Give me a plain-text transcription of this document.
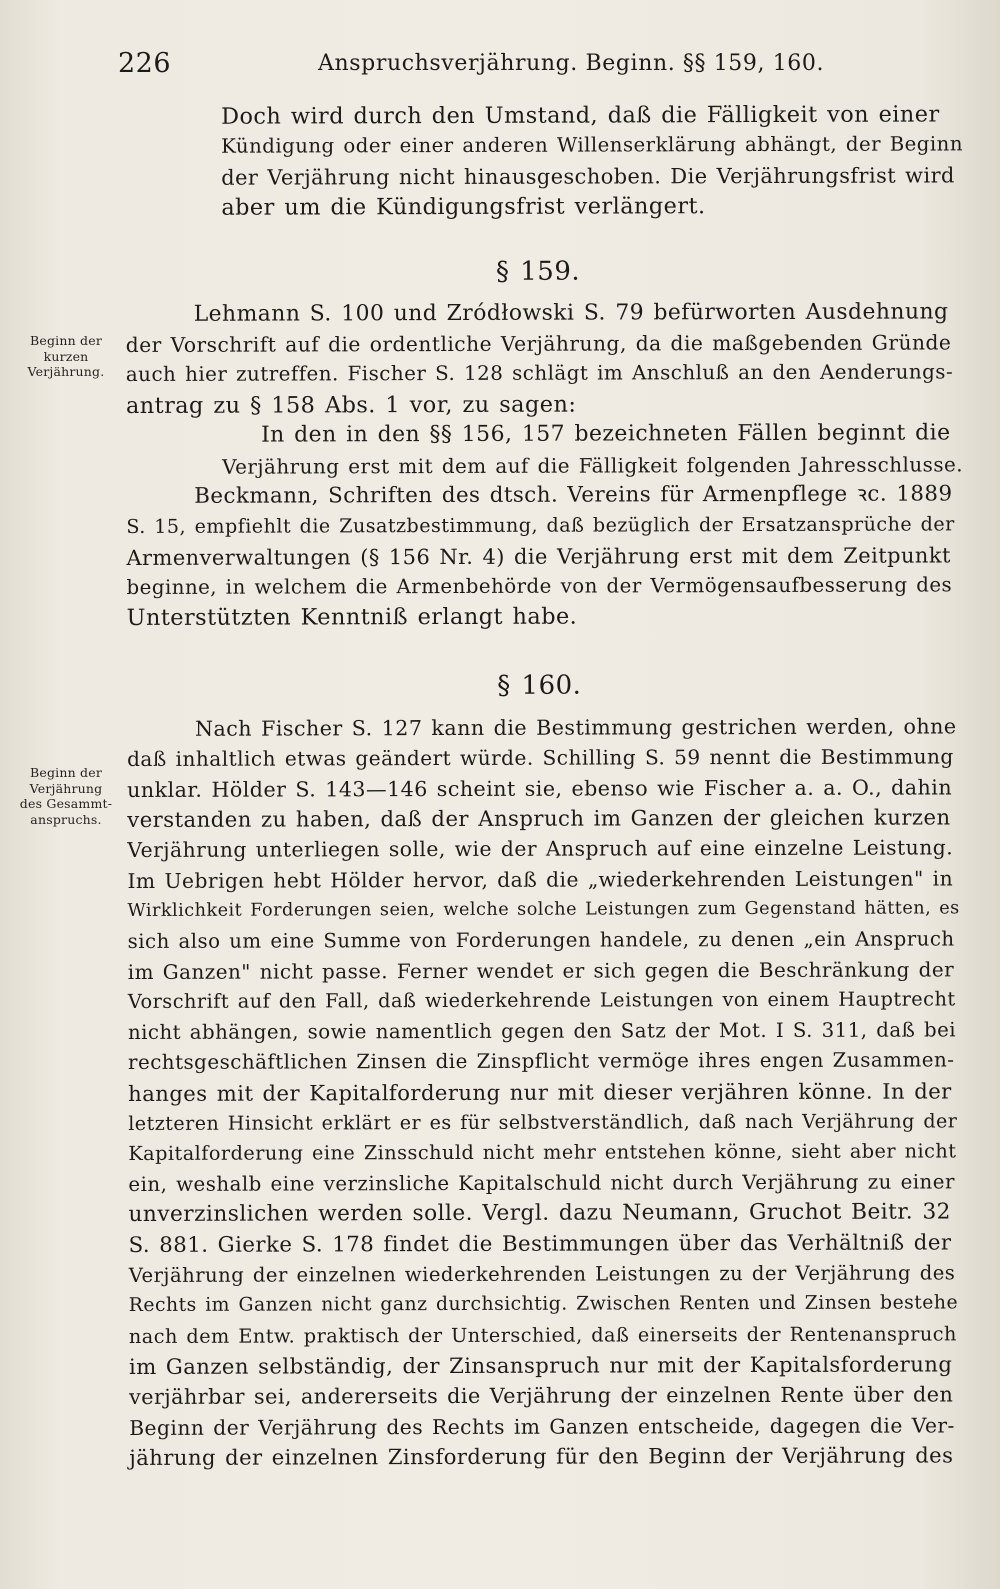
226	Anspruchsverjährung. Beginn. §§ 159, 160.
Beginn der
kurzen
Verjährung.
Beginn der
Verjährung
des Gesammt-
anspruchs.
Doch wird durch den Umstand, daß die Fälligkeit von einer
Kündigung oder einer anderen Willenserklärung abhängt, der Beginn
der Verjährung nicht hinausgeschoben. Die Verjährungsfrist wird
aber um die Kündigungsfrist verlängert.
§ 159.
Lehmann S. 100 und Zródłowski S. 79 befürworten Ausdehnung
der Vorschrift auf die ordentliche Verjährung, da die maßgebenden Gründe
auch hier zutreffen. Fischer S. 128 schlägt im Anschluß an den Aenderungs-
antrag zu § 158 Abs. 1 vor, zu sagen:
In den in den §§ 156, 157 bezeichneten Fällen beginnt die
Verjährung erst mit dem auf die Fälligkeit folgenden Jahresschlusse.
Beckmann, Schriften des dtsch. Vereins für Armenpflege ꝛc. 1889
S. 15, empfiehlt die Zusatzbestimmung, daß bezüglich der Ersatzansprüche der
Armenverwaltungen (§ 156 Nr. 4) die Verjährung erst mit dem Zeitpunkt
beginne, in welchem die Armenbehörde von der Vermögensaufbesserung des
Unterstützten Kenntniß erlangt habe.
§ 160.
Nach Fischer S. 127 kann die Bestimmung gestrichen werden, ohne
daß inhaltlich etwas geändert würde. Schilling S. 59 nennt die Bestimmung
unklar. Hölder S. 143—146 scheint sie, ebenso wie Fischer a. a. O., dahin
verstanden zu haben, daß der Anspruch im Ganzen der gleichen kurzen
Verjährung unterliegen solle, wie der Anspruch auf eine einzelne Leistung.
Im Uebrigen hebt Hölder hervor, daß die „wiederkehrenden Leistungen" in
Wirklichkeit Forderungen seien, welche solche Leistungen zum Gegenstand hätten, es
sich also um eine Summe von Forderungen handele, zu denen „ein Anspruch
im Ganzen" nicht passe. Ferner wendet er sich gegen die Beschränkung der
Vorschrift auf den Fall, daß wiederkehrende Leistungen von einem Hauptrecht
nicht abhängen, sowie namentlich gegen den Satz der Mot. I S. 311, daß bei
rechtsgeschäftlichen Zinsen die Zinspflicht vermöge ihres engen Zusammen-
hanges mit der Kapitalforderung nur mit dieser verjähren könne. In der
letzteren Hinsicht erklärt er es für selbstverständlich, daß nach Verjährung der
Kapitalforderung eine Zinsschuld nicht mehr entstehen könne, sieht aber nicht
ein, weshalb eine verzinsliche Kapitalschuld nicht durch Verjährung zu einer
unverzinslichen werden solle. Vergl. dazu Neumann, Gruchot Beitr. 32
S. 881. Gierke S. 178 findet die Bestimmungen über das Verhältniß der
Verjährung der einzelnen wiederkehrenden Leistungen zu der Verjährung des
Rechts im Ganzen nicht ganz durchsichtig. Zwischen Renten und Zinsen bestehe
nach dem Entw. praktisch der Unterschied, daß einerseits der Rentenanspruch
im Ganzen selbständig, der Zinsanspruch nur mit der Kapitalsforderung
verjährbar sei, andererseits die Verjährung der einzelnen Rente über den
Beginn der Verjährung des Rechts im Ganzen entscheide, dagegen die Ver-
jährung der einzelnen Zinsforderung für den Beginn der Verjährung des
